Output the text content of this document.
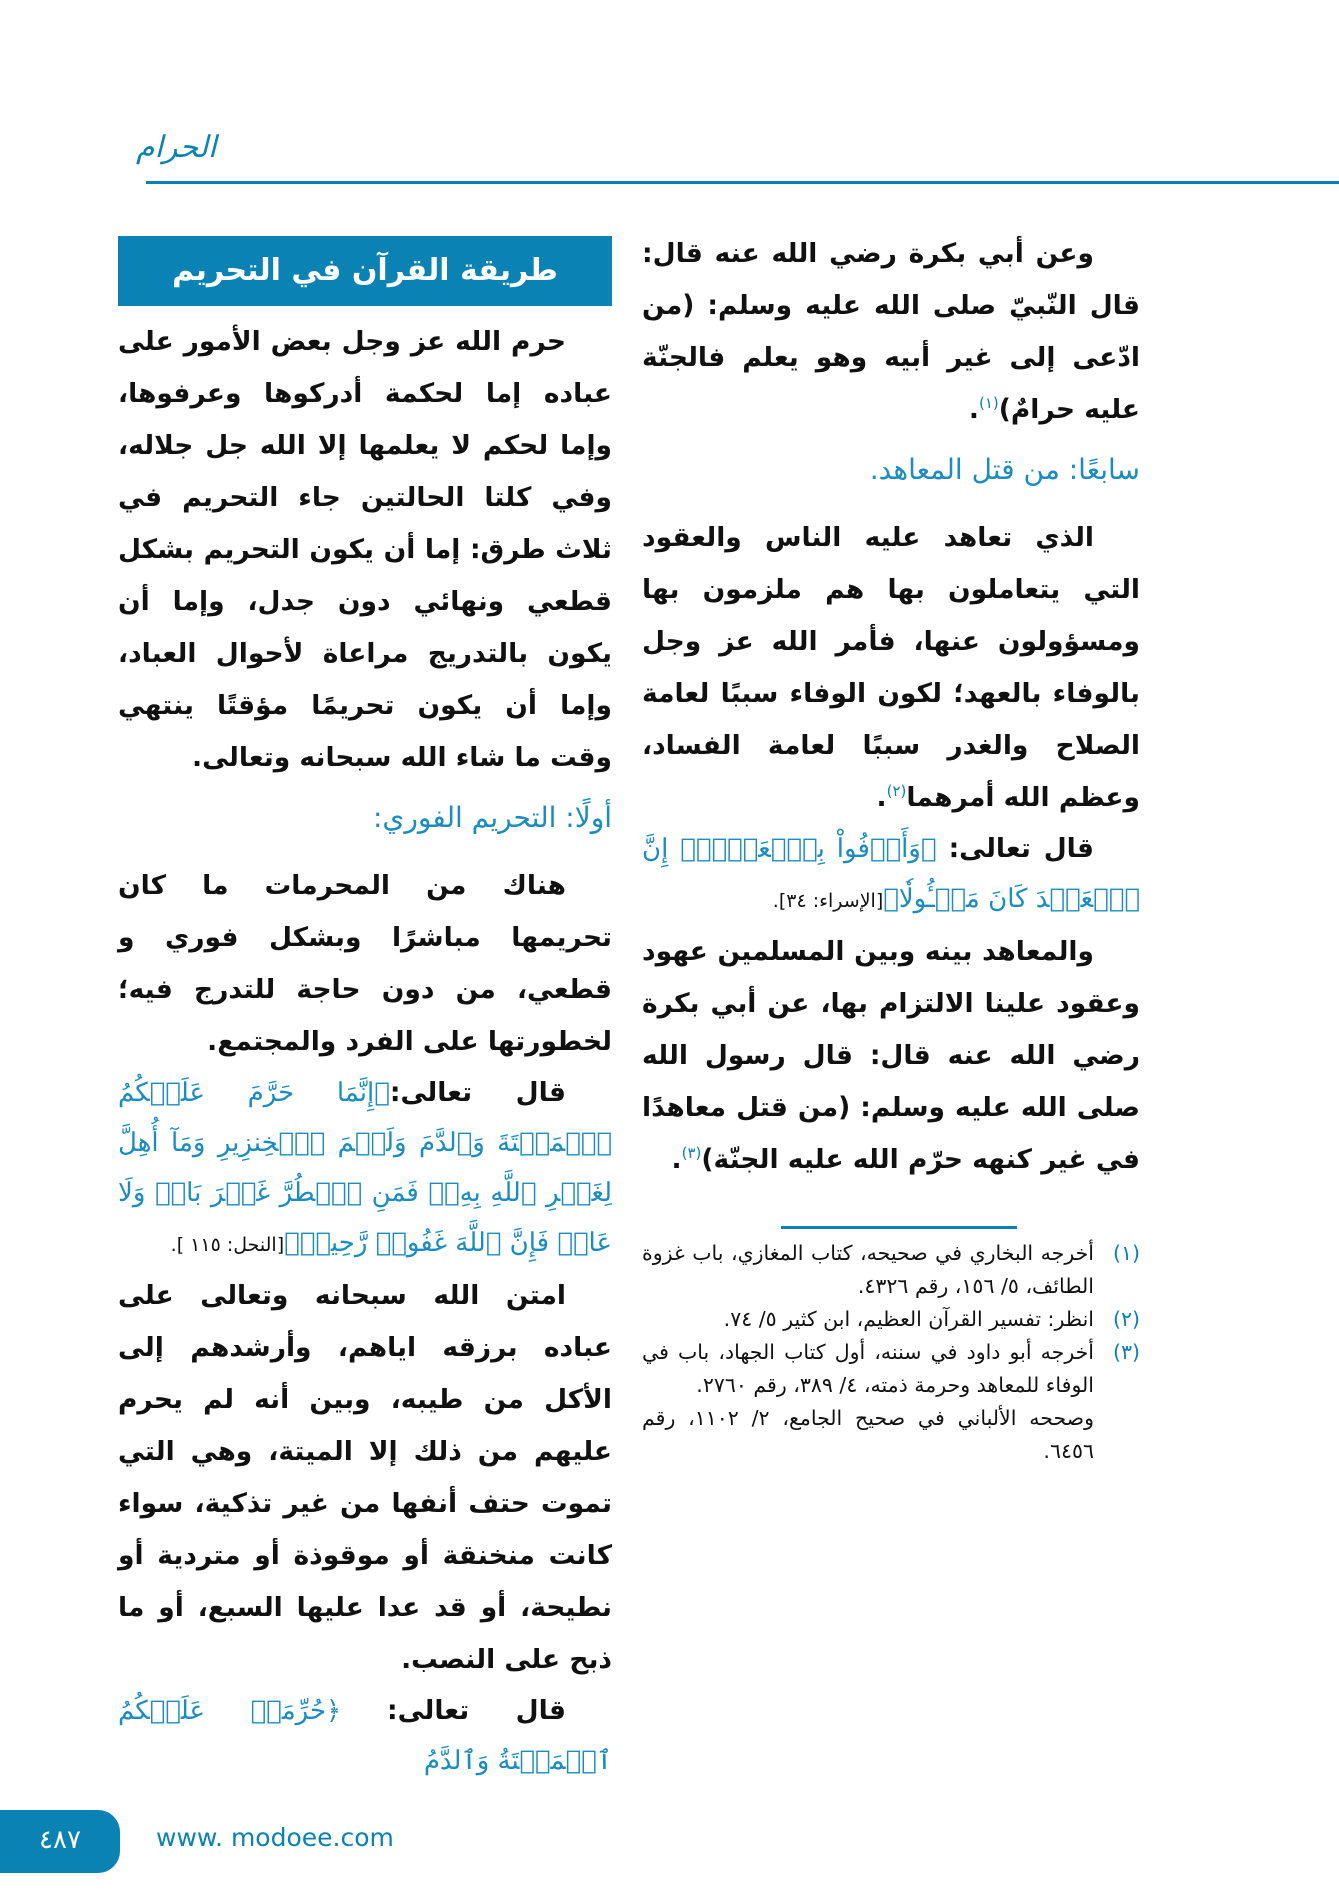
الحرام
طريقة القرآن في التحريم

حرم الله عز وجل بعض الأمور على عباده إما لحكمة أدركوها وعرفوها، وإما لحكم لا يعلمها إلا الله جل جلاله، وفي كلتا الحالتين جاء التحريم في ثلاث طرق: إما أن يكون التحريم بشكل قطعي ونهائي دون جدل، وإما أن يكون بالتدريج مراعاة لأحوال العباد، وإما أن يكون تحريمًا مؤقتًا ينتهي وقت ما شاء الله سبحانه وتعالى.

أولًا: التحريم الفوري:

هناك من المحرمات ما كان تحريمها مباشرًا وبشكل فوري و قطعي، من دون حاجة للتدرج فيه؛ لخطورتها على الفرد والمجتمع.

قال تعالى:﴿إِنَّمَا حَرَّمَ عَلَيۡكُمُ ٱلۡمَيۡتَةَ وَٱلدَّمَ وَلَحۡمَ ٱلۡخِنزِيرِ وَمَآ أُهِلَّ لِغَيۡرِ ٱللَّهِ بِهِۦۖ فَمَنِ ٱضۡطُرَّ غَيۡرَ بَاغٖ وَلَا عَادٖ فَإِنَّ ٱللَّهَ غَفُورٞ رَّحِيمٞ﴾[النحل: ١١٥ ].

امتن الله سبحانه وتعالى على عباده برزقه اياهم، وأرشدهم إلى الأكل من طيبه، وبين أنه لم يحرم عليهم من ذلك إلا الميتة، وهي التي تموت حتف أنفها من غير تذكية، سواء كانت منخنقة أو موقوذة أو متردية أو نطيحة، أو قد عدا عليها السبع، أو ما ذبح على النصب.

قال تعالى: ﴿حُرِّمَتۡ عَلَيۡكُمُ ٱلۡمَيۡتَةُ وَٱلدَّمُ

وعن أبي بكرة رضي الله عنه قال: قال النّبيّ صلى الله عليه وسلم: (من ادّعى إلى غير أبيه وهو يعلم فالجنّة عليه حرامٌ)$^{(١)}$.

سابعًا: من قتل المعاهد.

الذي تعاهد عليه الناس والعقود التي يتعاملون بها هم ملزمون بها ومسؤولون عنها، فأمر الله عز وجل بالوفاء بالعهد؛ لكون الوفاء سببًا لعامة الصلاح والغدر سببًا لعامة الفساد، وعظم الله أمرهما$^{(٢)}$.

قال تعالى: ﴿وَأَوۡفُواْ بِٱلۡعَهۡدِۖ إِنَّ ٱلۡعَهۡدَ كَانَ مَسۡـُٔولٗا﴾[الإسراء: ٣٤].

والمعاهد بينه وبين المسلمين عهود وعقود علينا الالتزام بها، عن أبي بكرة رضي الله عنه قال: قال رسول الله صلى الله عليه وسلم: (من قتل معاهدًا في غير كنهه حرّم الله عليه الجنّة)$^{(٣)}$.

(١)
أخرجه البخاري في صحيحه، كتاب المغازي، باب غزوة الطائف، ٥/ ١٥٦، رقم ٤٣٢٦.
(٢)
انظر: تفسير القرآن العظيم، ابن كثير ٥/ ٧٤.
(٣)
أخرجه أبو داود في سننه، أول كتاب الجهاد، باب في الوفاء للمعاهد وحرمة ذمته، ٤/ ٣٨٩، رقم ٢٧٦٠.
وصححه الألباني في صحيح الجامع، ٢/ ١١٠٢، رقم ٦٤٥٦.
٤٨٧	www. modoee.com
